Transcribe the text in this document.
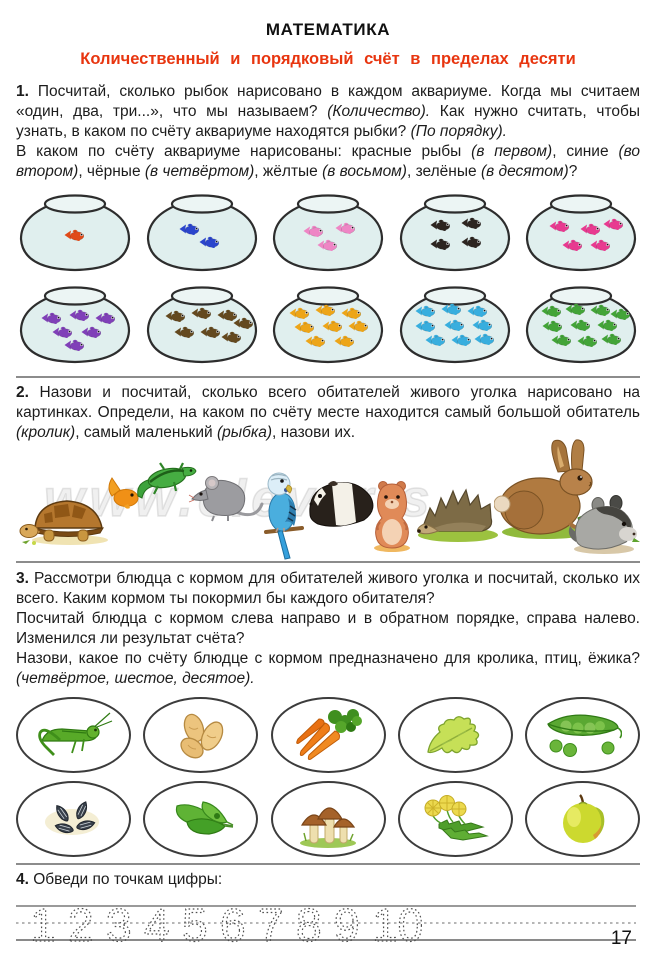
МАТЕМАТИКА
Количественный и порядковый счёт в пределах десяти
1. Посчитай, сколько рыбок нарисовано в каждом аквариуме. Когда мы считаем «один, два, три...», что мы называем? (Количество). Как нужно считать, чтобы узнать, в каком по счёту аквариуме находятся рыбки? (По порядку).
В каком по счёту аквариуме нарисованы: красные рыбы (в первом), синие (во втором), чёрные (в четвёртом), жёлтые (в восьмом), зелёные (в десятом)?
2. Назови и посчитай, сколько всего обитателей живого уголка нарисовано на картинках. Определи, на каком по счёту месте находится самый большой обитатель (кролик), самый маленький (рыбка), назови их.
3. Рассмотри блюдца с кормом для обитателей живого уголка и посчитай, сколько их всего. Каким кормом ты покормил бы каждого обитателя?
Посчитай блюдца с кормом слева направо и в обратном порядке, справа налево. Изменился ли результат счёта?
Назови, какое по счёту блюдце с кормом предназначено для кролика, птиц, ёжика? (четвёртое, шестое, десятое).
4. Обведи по точкам цифры:
1 2 3 4 5 6 7 8 9 10	17
